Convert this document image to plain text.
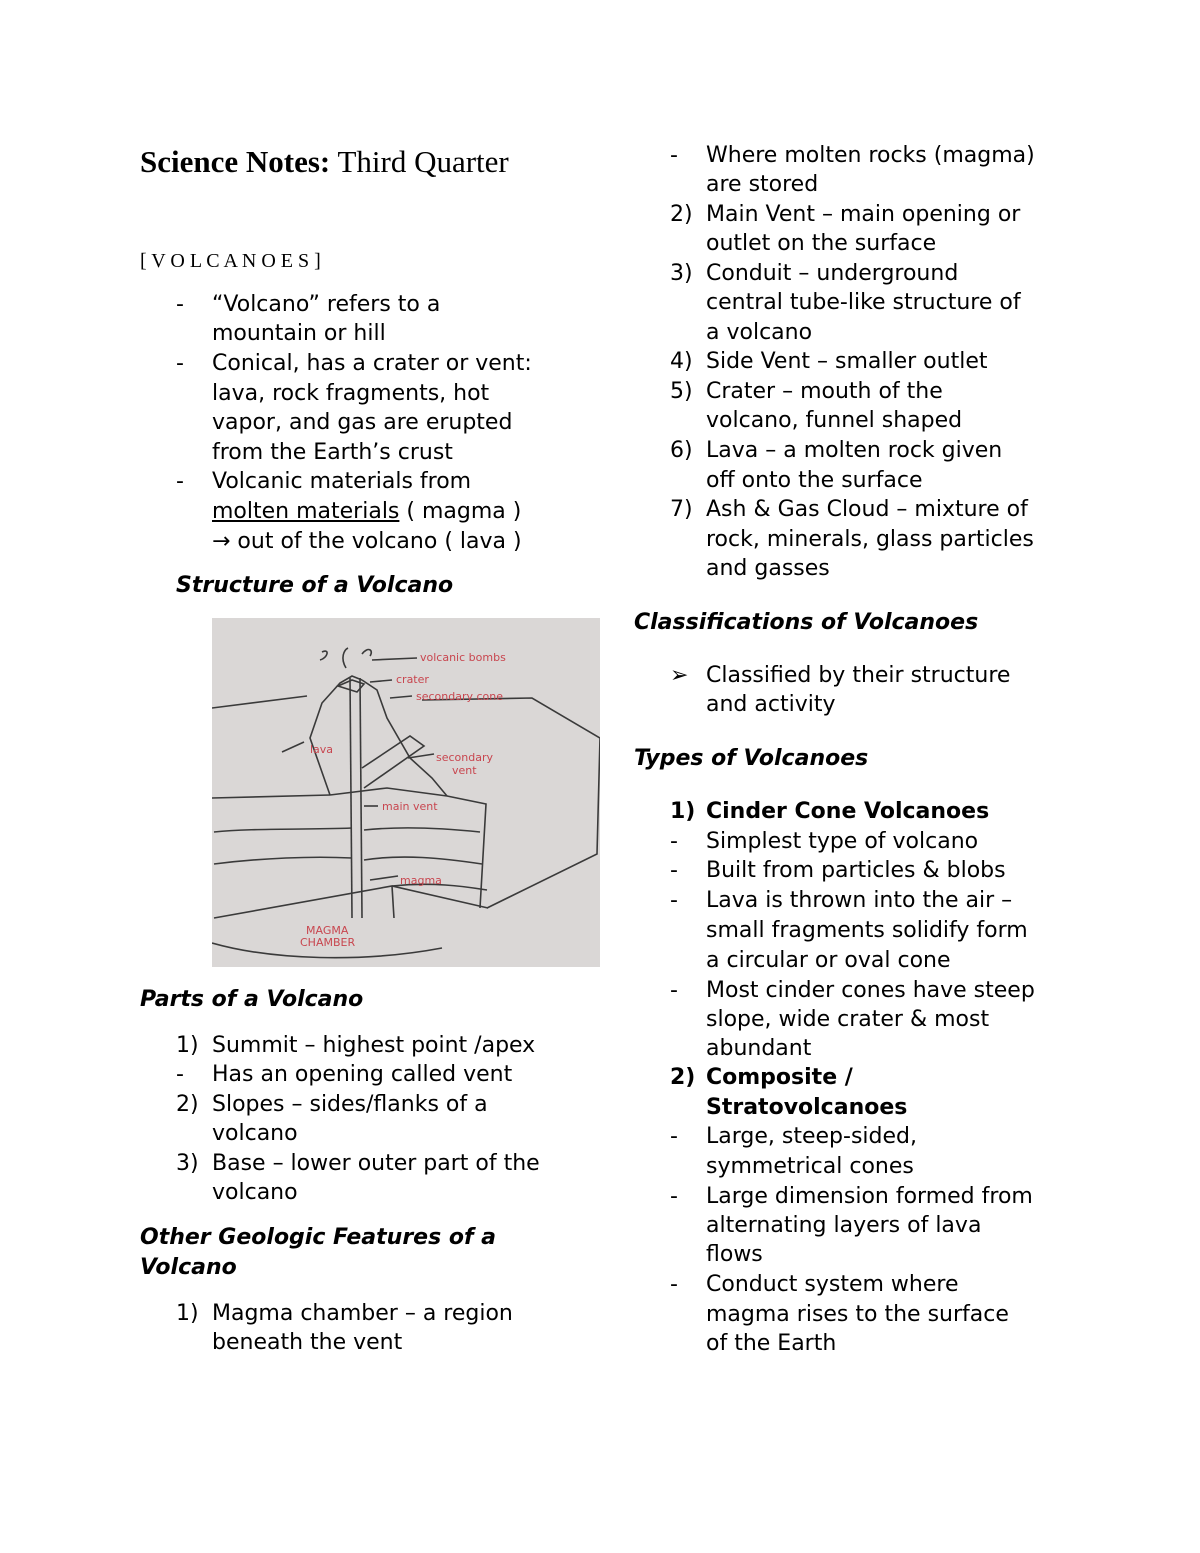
Science Notes: Third Quarter
[ V O L C A N O E S ]
- “Volcano” refers to a
mountain or hill
- Conical, has a crater or vent:
lava, rock fragments, hot
vapor, and gas are erupted
from the Earth’s crust
- Volcanic materials from
molten materials ( magma )
→ out of the volcano ( lava )
Structure of a Volcano
volcanic bombs
crater
secondary cone
lava
secondary
vent
main vent
magma
MAGMA
CHAMBER
Parts of a Volcano
1) Summit – highest point /apex
- Has an opening called vent
2) Slopes – sides/flanks of a
volcano
3) Base – lower outer part of the
volcano
Other Geologic Features of a
Volcano
1) Magma chamber – a region
beneath the vent
- Where molten rocks (magma)
are stored
2) Main Vent – main opening or
outlet on the surface
3) Conduit – underground
central tube-like structure of
a volcano
4) Side Vent – smaller outlet
5) Crater – mouth of the
volcano, funnel shaped
6) Lava – a molten rock given
off onto the surface
7) Ash & Gas Cloud – mixture of
rock, minerals, glass particles
and gasses
Classifications of Volcanoes
➢ Classified by their structure
and activity
Types of Volcanoes
1) Cinder Cone Volcanoes
- Simplest type of volcano
- Built from particles & blobs
- Lava is thrown into the air –
small fragments solidify form
a circular or oval cone
- Most cinder cones have steep
slope, wide crater & most
abundant
2) Composite /
Stratovolcanoes
- Large, steep-sided,
symmetrical cones
- Large dimension formed from
alternating layers of lava
flows
- Conduct system where
magma rises to the surface
of the Earth
